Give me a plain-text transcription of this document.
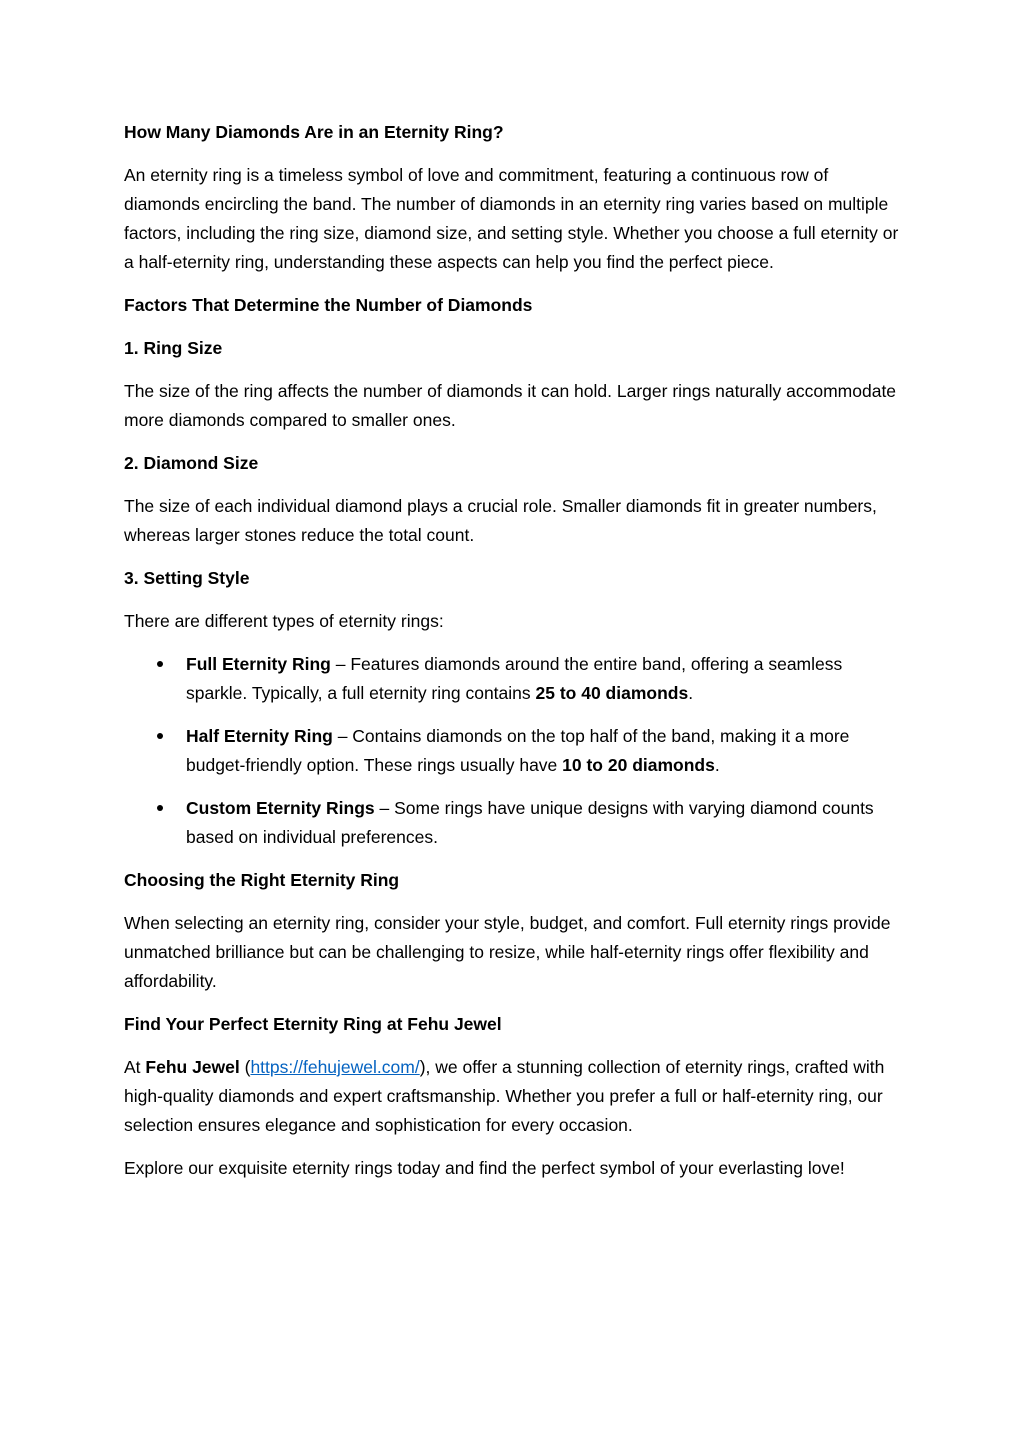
How Many Diamonds Are in an Eternity Ring?

An eternity ring is a timeless symbol of love and commitment, featuring a continuous row of diamonds encircling the band. The number of diamonds in an eternity ring varies based on multiple factors, including the ring size, diamond size, and setting style. Whether you choose a full eternity or a half-eternity ring, understanding these aspects can help you find the perfect piece.

Factors That Determine the Number of Diamonds
1. Ring Size

The size of the ring affects the number of diamonds it can hold. Larger rings naturally accommodate more diamonds compared to smaller ones.

2. Diamond Size

The size of each individual diamond plays a crucial role. Smaller diamonds fit in greater numbers, whereas larger stones reduce the total count.

3. Setting Style

There are different types of eternity rings:

Full Eternity Ring – Features diamonds around the entire band, offering a seamless sparkle. Typically, a full eternity ring contains 25 to 40 diamonds.
Half Eternity Ring – Contains diamonds on the top half of the band, making it a more budget-friendly option. These rings usually have 10 to 20 diamonds.
Custom Eternity Rings – Some rings have unique designs with varying diamond counts based on individual preferences.
Choosing the Right Eternity Ring

When selecting an eternity ring, consider your style, budget, and comfort. Full eternity rings provide unmatched brilliance but can be challenging to resize, while half-eternity rings offer flexibility and affordability.

Find Your Perfect Eternity Ring at Fehu Jewel

At Fehu Jewel (https://fehujewel.com/), we offer a stunning collection of eternity rings, crafted with high-quality diamonds and expert craftsmanship. Whether you prefer a full or half-eternity ring, our selection ensures elegance and sophistication for every occasion.

Explore our exquisite eternity rings today and find the perfect symbol of your everlasting love!
